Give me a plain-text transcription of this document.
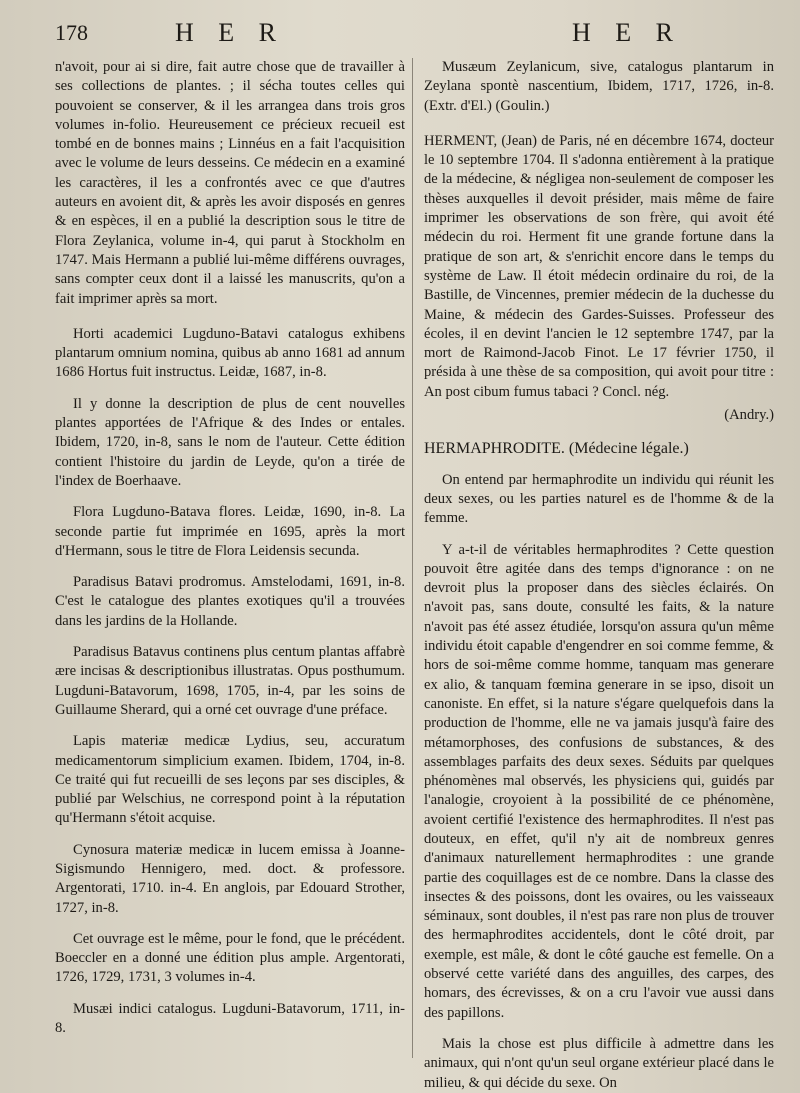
178	H E R	H E R

n'avoit, pour ai si dire, fait autre chose que de travailler à ses collections de plantes. ; il sécha toutes celles qui pouvoient se conserver, & il les arrangea dans trois gros volumes in-folio. Heureusement ce précieux recueil est tombé en de bonnes mains ; Linnéus en a fait l'acquisition avec le volume de leurs desseins. Ce médecin en a examiné les caractères, il les a confrontés avec ce que d'autres auteurs en avoient dit, & après les avoir disposés en genres & en espèces, il en a publié la description sous le titre de Flora Zeylanica, volume in-4, qui parut à Stockholm en 1747. Mais Hermann a publié lui-même différens ouvrages, sans compter ceux dont il a laissé les manuscrits, qu'on a fait imprimer après sa mort.

Horti academici Lugduno-Batavi catalogus exhibens plantarum omnium nomina, quibus ab anno 1681 ad annum 1686 Hortus fuit instructus. Leidæ, 1687, in-8.

Il y donne la description de plus de cent nouvelles plantes apportées de l'Afrique & des Indes or entales. Ibidem, 1720, in-8, sans le nom de l'auteur. Cette édition contient l'histoire du jardin de Leyde, qu'on a tirée de l'index de Boerhaave.

Flora Lugduno-Batava flores. Leidæ, 1690, in-8. La seconde partie fut imprimée en 1695, après la mort d'Hermann, sous le titre de Flora Leidensis secunda.

Paradisus Batavi prodromus. Amstelodami, 1691, in-8. C'est le catalogue des plantes exotiques qu'il a trouvées dans les jardins de la Hollande.

Paradisus Batavus continens plus centum plantas affabrè ære incisas & descriptionibus illustratas. Opus posthumum. Lugduni-Batavorum, 1698, 1705, in-4, par les soins de Guillaume Sherard, qui a orné cet ouvrage d'une préface.

Lapis materiæ medicæ Lydius, seu, accuratum medicamentorum simplicium examen. Ibidem, 1704, in-8. Ce traité qui fut recueilli de ses leçons par ses disciples, & publié par Welschius, ne correspond point à la réputation qu'Hermann s'étoit acquise.

Cynosura materiæ medicæ in lucem emissa à Joanne-Sigismundo Hennigero, med. doct. & professore. Argentorati, 1710. in-4. En anglois, par Edouard Strother, 1727, in-8.

Cet ouvrage est le même, pour le fond, que le précédent. Boeccler en a donné une édition plus ample. Argentorati, 1726, 1729, 1731, 3 volumes in-4.

Musæi indici catalogus. Lugduni-Batavorum, 1711, in-8.

Musæum Zeylanicum, sive, catalogus plantarum in Zeylana spontè nascentium, Ibidem, 1717, 1726, in-8. (Extr. d'El.) (Goulin.)

HERMENT, (Jean) de Paris, né en décembre 1674, docteur le 10 septembre 1704. Il s'adonna entièrement à la pratique de la médecine, & négligea non-seulement de composer les thèses auxquelles il devoit présider, mais même de faire imprimer les observations de son frère, qui avoit été médecin du roi. Herment fit une grande fortune dans la pratique de son art, & s'enrichit encore dans le temps du système de Law. Il étoit médecin ordinaire du roi, de la Bastille, de Vincennes, premier médecin de la duchesse du Maine, & médecin des Gardes-Suisses. Professeur des écoles, il en devint l'ancien le 12 septembre 1747, par la mort de Raimond-Jacob Finot. Le 17 février 1750, il présida à une thèse de sa composition, qui avoit pour titre : An post cibum fumus tabaci ? Concl. nég.

(Andry.)

HERMAPHRODITE. (Médecine légale.)

On entend par hermaphrodite un individu qui réunit les deux sexes, ou les parties naturel es de l'homme & de la femme.

Y a-t-il de véritables hermaphrodites ? Cette question pouvoit être agitée dans des temps d'ignorance : on ne devroit plus la proposer dans des siècles éclairés. On n'avoit pas, sans doute, consulté les faits, & la nature n'avoit pas été assez étudiée, lorsqu'on assura qu'un même individu étoit capable d'engendrer en soi comme femme, & hors de soi-même comme homme, tanquam mas generare ex alio, & tanquam fœmina generare in se ipso, disoit un canoniste. En effet, si la nature s'égare quelquefois dans la production de l'homme, elle ne va jamais jusqu'à faire des métamorphoses, des confusions de substances, & des assemblages parfaits des deux sexes. Séduits par quelques phénomènes mal observés, les physiciens qui, guidés par l'analogie, croyoient à la possibilité de ce phénomène, avoient certifié l'existence des hermaphrodites. Il n'est pas douteux, en effet, qu'il n'y ait de nombreux genres d'animaux naturellement hermaphrodites : une grande partie des coquillages est de ce nombre. Dans la classe des insectes & des poissons, dont les ovaires, ou les vaisseaux séminaux, sont doubles, il n'est pas rare non plus de trouver des hermaphrodites accidentels, dont le côté droit, par exemple, est mâle, & dont le côté gauche est femelle. On a observé cette variété dans des anguilles, des carpes, des homars, des écrevisses, & on a cru l'avoir vue aussi dans des papillons.

Mais la chose est plus difficile à admettre dans les animaux, qui n'ont qu'un seul organe extérieur placé dans le milieu, & qui décide du sexe. On
